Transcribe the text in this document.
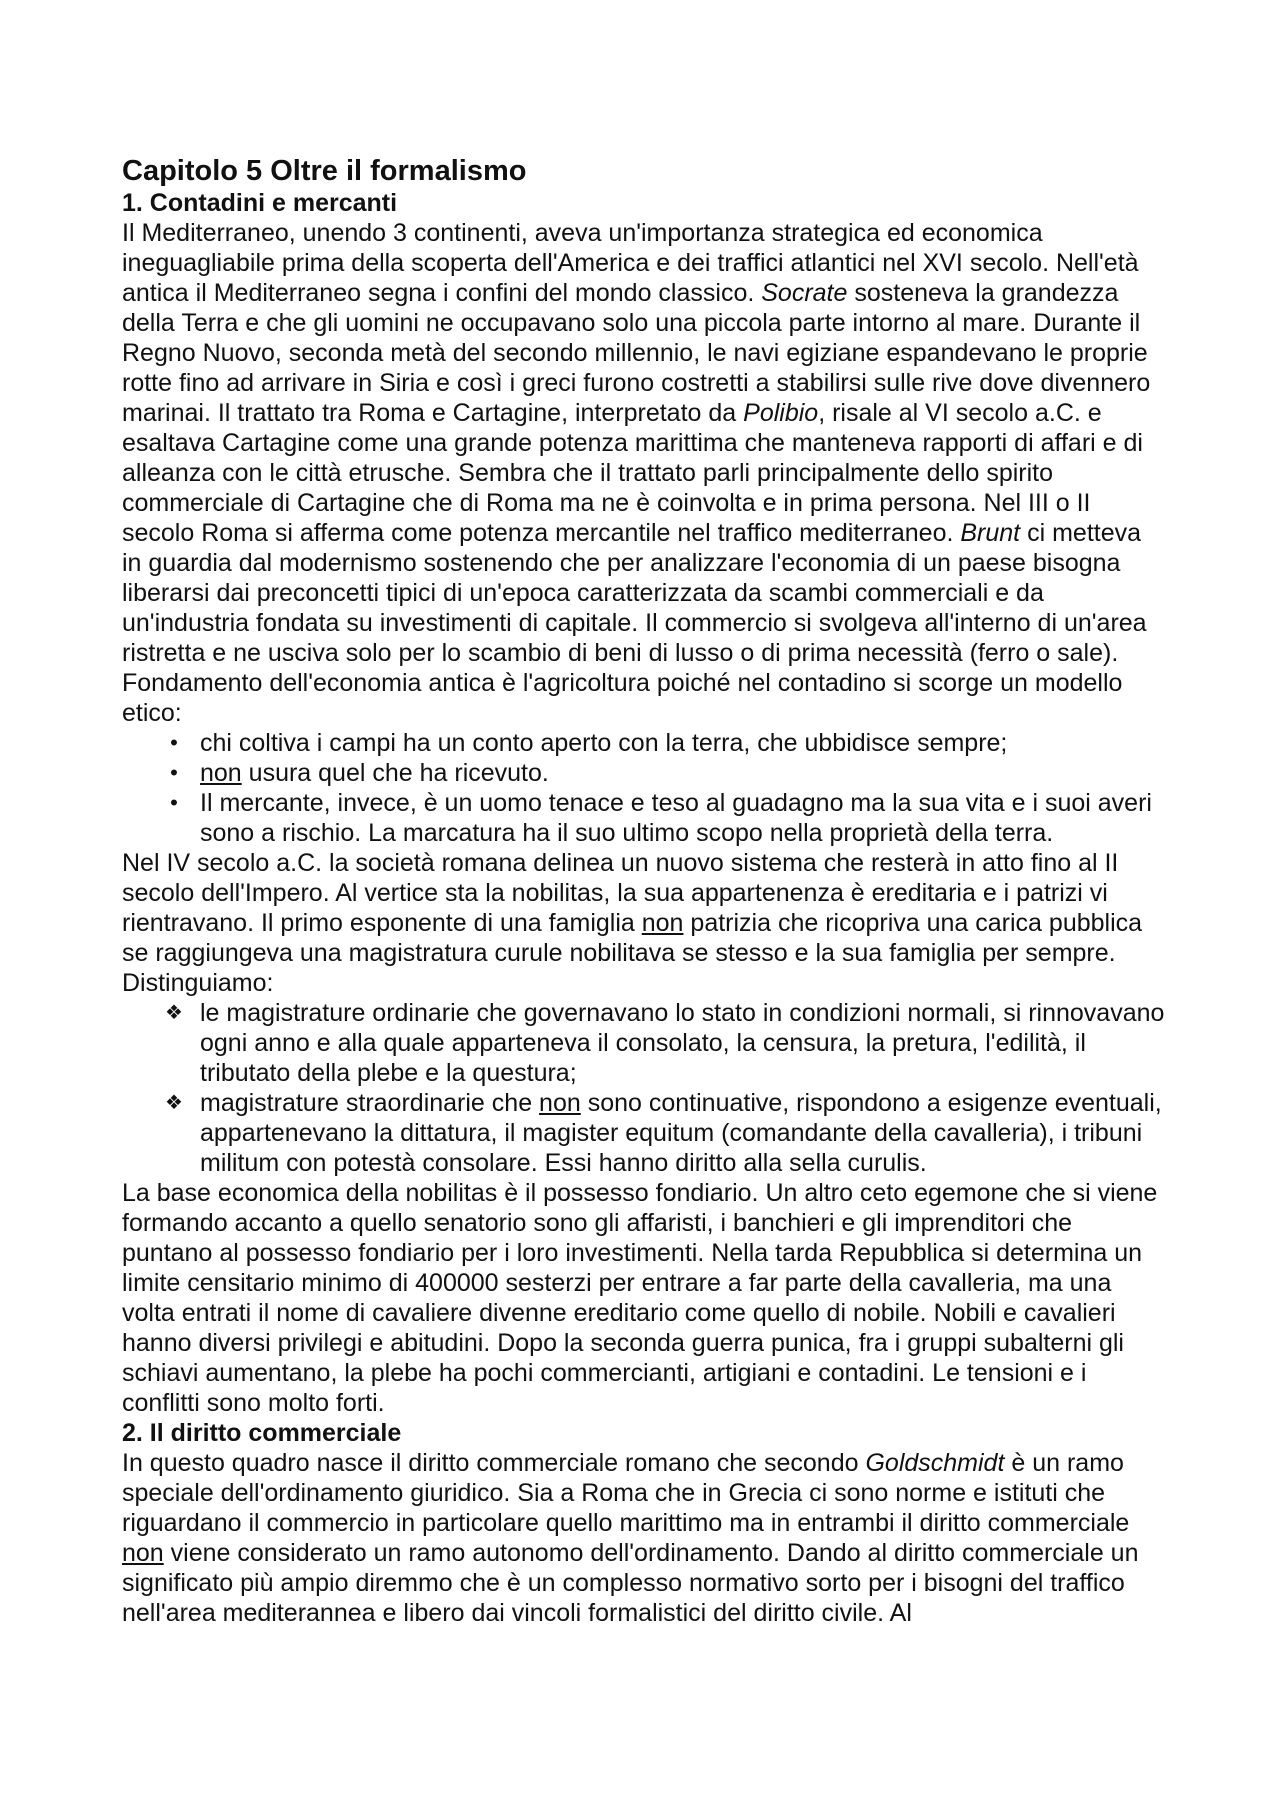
Capitolo 5 Oltre il formalismo
1. Contadini e mercanti

Il Mediterraneo, unendo 3 continenti, aveva un'importanza strategica ed economica ineguagliabile prima della scoperta dell'America e dei traffici atlantici nel XVI secolo. Nell'età antica il Mediterraneo segna i confini del mondo classico. Socrate sosteneva la grandezza della Terra e che gli uomini ne occupavano solo una piccola parte intorno al mare. Durante il Regno Nuovo, seconda metà del secondo millennio, le navi egiziane espandevano le proprie rotte fino ad arrivare in Siria e così i greci furono costretti a stabilirsi sulle rive dove divennero marinai. Il trattato tra Roma e Cartagine, interpretato da Polibio, risale al VI secolo a.C. e esaltava Cartagine come una grande potenza marittima che manteneva rapporti di affari e di alleanza con le città etrusche. Sembra che il trattato parli principalmente dello spirito commerciale di Cartagine che di Roma ma ne è coinvolta e in prima persona. Nel III o II secolo Roma si afferma come potenza mercantile nel traffico mediterraneo. Brunt ci metteva in guardia dal modernismo sostenendo che per analizzare l'economia di un paese bisogna liberarsi dai preconcetti tipici di un'epoca caratterizzata da scambi commerciali e da un'industria fondata su investimenti di capitale. Il commercio si svolgeva all'interno di un'area ristretta e ne usciva solo per lo scambio di beni di lusso o di prima necessità (ferro o sale).

Fondamento dell'economia antica è l'agricoltura poiché nel contadino si scorge un modello etico:

• chi coltiva i campi ha un conto aperto con la terra, che ubbidisce sempre;
• non usura quel che ha ricevuto.
• Il mercante, invece, è un uomo tenace e teso al guadagno ma la sua vita e i suoi averi sono a rischio. La marcatura ha il suo ultimo scopo nella proprietà della terra.

Nel IV secolo a.C. la società romana delinea un nuovo sistema che resterà in atto fino al II secolo dell'Impero. Al vertice sta la nobilitas, la sua appartenenza è ereditaria e i patrizi vi rientravano. Il primo esponente di una famiglia non patrizia che ricopriva una carica pubblica se raggiungeva una magistratura curule nobilitava se stesso e la sua famiglia per sempre. Distinguiamo:

❖ le magistrature ordinarie che governavano lo stato in condizioni normali, si rinnovavano ogni anno e alla quale apparteneva il consolato, la censura, la pretura, l'edilità, il tributato della plebe e la questura;
❖ magistrature straordinarie che non sono continuative, rispondono a esigenze eventuali, appartenevano la dittatura, il magister equitum (comandante della cavalleria), i tribuni militum con potestà consolare. Essi hanno diritto alla sella curulis.

La base economica della nobilitas è il possesso fondiario. Un altro ceto egemone che si viene formando accanto a quello senatorio sono gli affaristi, i banchieri e gli imprenditori che puntano al possesso fondiario per i loro investimenti. Nella tarda Repubblica si determina un limite censitario minimo di 400000 sesterzi per entrare a far parte della cavalleria, ma una volta entrati il nome di cavaliere divenne ereditario come quello di nobile. Nobili e cavalieri hanno diversi privilegi e abitudini. Dopo la seconda guerra punica, fra i gruppi subalterni gli schiavi aumentano, la plebe ha pochi commercianti, artigiani e contadini. Le tensioni e i conflitti sono molto forti.

2. Il diritto commerciale

In questo quadro nasce il diritto commerciale romano che secondo Goldschmidt è un ramo speciale dell'ordinamento giuridico. Sia a Roma che in Grecia ci sono norme e istituti che riguardano il commercio in particolare quello marittimo ma in entrambi il diritto commerciale non viene considerato un ramo autonomo dell'ordinamento. Dando al diritto commerciale un significato più ampio diremmo che è un complesso normativo sorto per i bisogni del traffico nell'area mediterannea e libero dai vincoli formalistici del diritto civile. Al
